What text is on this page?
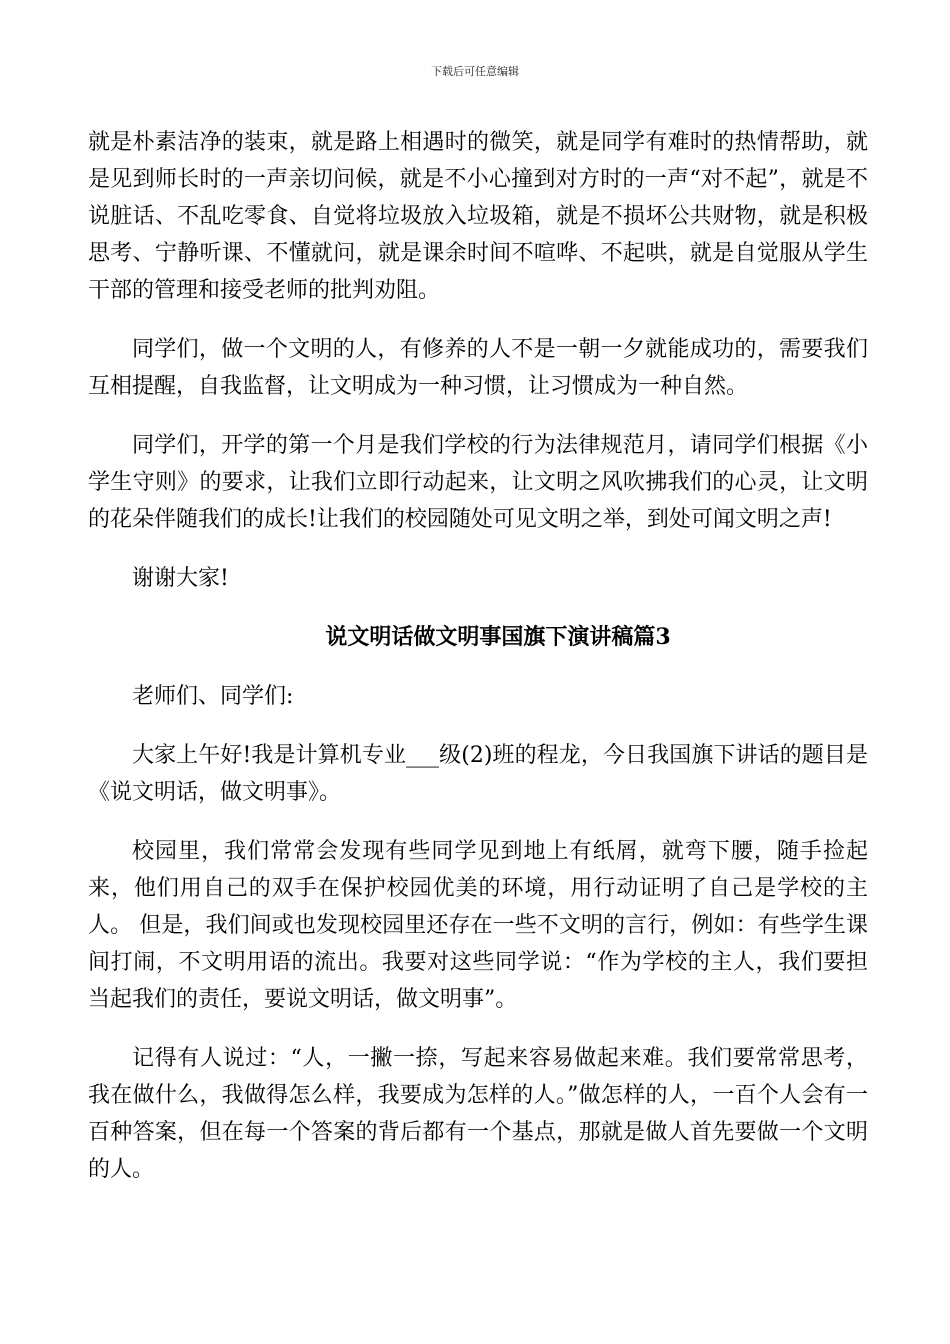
下载后可任意编辑

就是朴素洁净的装束，就是路上相遇时的微笑，就是同学有难时的热情帮助，就是见到师长时的一声亲切问候，就是不小心撞到对方时的一声“对不起”，就是不说脏话、不乱吃零食、自觉将垃圾放入垃圾箱，就是不损坏公共财物，就是积极思考、宁静听课、不懂就问，就是课余时间不喧哗、不起哄，就是自觉服从学生干部的管理和接受老师的批判劝阻。

同学们，做一个文明的人，有修养的人不是一朝一夕就能成功的，需要我们互相提醒，自我监督，让文明成为一种习惯，让习惯成为一种自然。

同学们，开学的第一个月是我们学校的行为法律规范月，请同学们根据《小学生守则》的要求，让我们立即行动起来，让文明之风吹拂我们的心灵，让文明的花朵伴随我们的成长!让我们的校园随处可见文明之举，到处可闻文明之声!

谢谢大家!

说文明话做文明事国旗下演讲稿篇3

老师们、同学们:

大家上午好!我是计算机专业___级(2)班的程龙，今日我国旗下讲话的题目是《说文明话，做文明事》。

校园里，我们常常会发现有些同学见到地上有纸屑，就弯下腰，随手捡起来，他们用自己的双手在保护校园优美的环境，用行动证明了自己是学校的主人。 但是，我们间或也发现校园里还存在一些不文明的言行，例如：有些学生课间打闹，不文明用语的流出。我要对这些同学说：“作为学校的主人，我们要担当起我们的责任，要说文明话，做文明事”。

记得有人说过：“人，一撇一捺，写起来容易做起来难。我们要常常思考，我在做什么，我做得怎么样，我要成为怎样的人。”做怎样的人，一百个人会有一百种答案，但在每一个答案的背后都有一个基点，那就是做人首先要做一个文明的人。
